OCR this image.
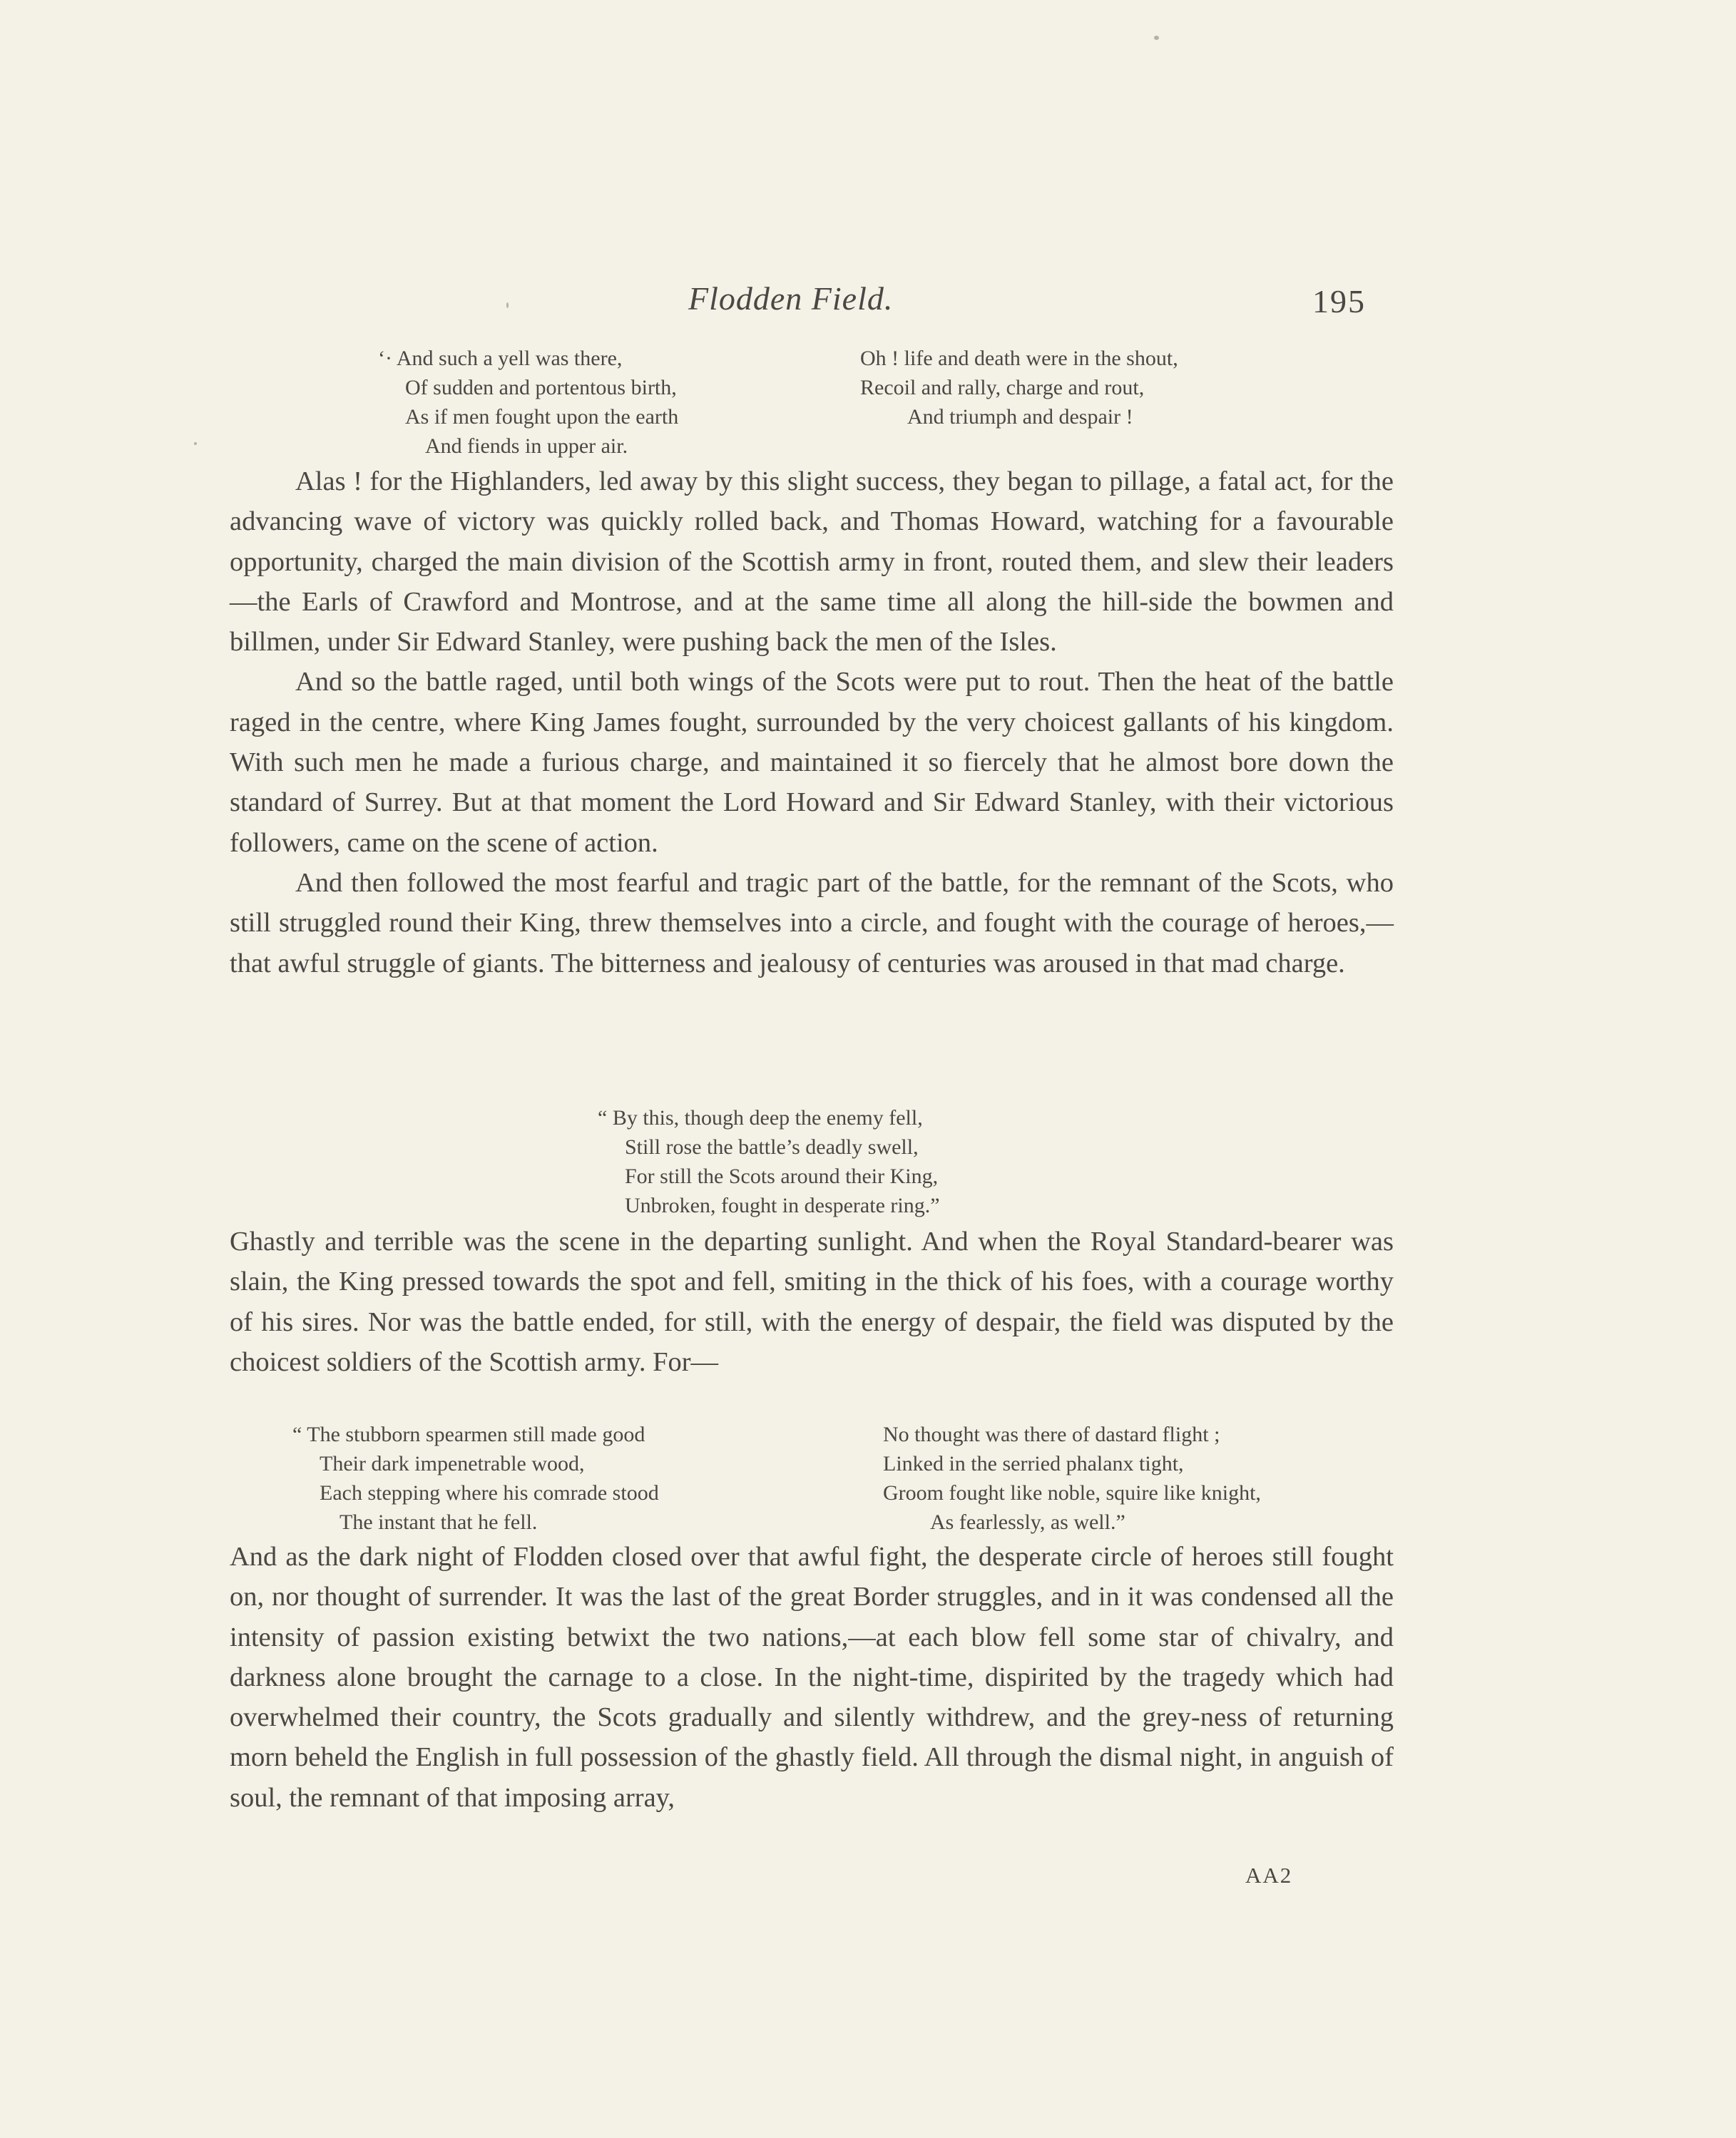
Flodden Field.	195
‘· And such a yell was there,
Of sudden and portentous birth,
As if men fought upon the earth
And fiends in upper air.
Oh ! life and death were in the shout,
Recoil and rally, charge and rout,
And triumph and despair !

Alas ! for the Highlanders, led away by this slight success, they began to pillage, a fatal act, for the advancing wave of victory was quickly rolled back, and Thomas Howard, watching for a favourable opportunity, charged the main division of the Scottish army in front, routed them, and slew their leaders—the Earls of Crawford and Montrose, and at the same time all along the hill-side the bowmen and billmen, under Sir Edward Stanley, were pushing back the men of the Isles.

And so the battle raged, until both wings of the Scots were put to rout. Then the heat of the battle raged in the centre, where King James fought, surrounded by the very choicest gallants of his kingdom. With such men he made a furious charge, and maintained it so fiercely that he almost bore down the standard of Surrey. But at that moment the Lord Howard and Sir Edward Stanley, with their victorious followers, came on the scene of action.

And then followed the most fearful and tragic part of the battle, for the remnant of the Scots, who still struggled round their King, threw themselves into a circle, and fought with the courage of heroes,—that awful struggle of giants. The bitterness and jealousy of centuries was aroused in that mad charge.

“ By this, though deep the enemy fell,
Still rose the battle’s deadly swell,
For still the Scots around their King,
Unbroken, fought in desperate ring.”

Ghastly and terrible was the scene in the departing sunlight. And when the Royal Standard-bearer was slain, the King pressed towards the spot and fell, smiting in the thick of his foes, with a courage worthy of his sires. Nor was the battle ended, for still, with the energy of despair, the field was disputed by the choicest soldiers of the Scottish army. For—

“ The stubborn spearmen still made good
Their dark impenetrable wood,
Each stepping where his comrade stood
The instant that he fell.
No thought was there of dastard flight ;
Linked in the serried phalanx tight,
Groom fought like noble, squire like knight,
As fearlessly, as well.”

And as the dark night of Flodden closed over that awful fight, the desperate circle of heroes still fought on, nor thought of surrender. It was the last of the great Border struggles, and in it was condensed all the intensity of passion existing betwixt the two nations,—at each blow fell some star of chivalry, and darkness alone brought the carnage to a close. In the night-time, dispirited by the tragedy which had overwhelmed their country, the Scots gradually and silently withdrew, and the grey-ness of returning morn beheld the English in full possession of the ghastly field. All through the dismal night, in anguish of soul, the remnant of that imposing array,

AA2
